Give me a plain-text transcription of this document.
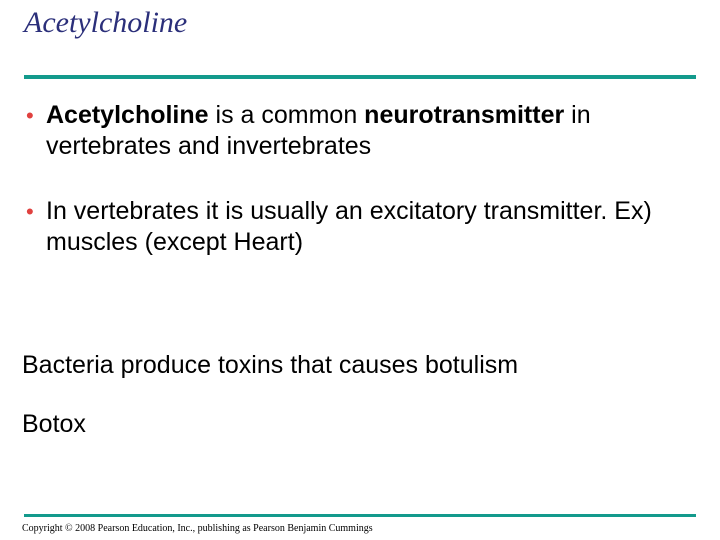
Acetylcholine
• Acetylcholine is a common neurotransmitter in vertebrates and invertebrates
• In vertebrates it is usually an excitatory transmitter. Ex) muscles (except Heart)
Bacteria produce toxins that causes botulism
Botox
Copyright © 2008 Pearson Education, Inc., publishing as Pearson Benjamin Cummings
